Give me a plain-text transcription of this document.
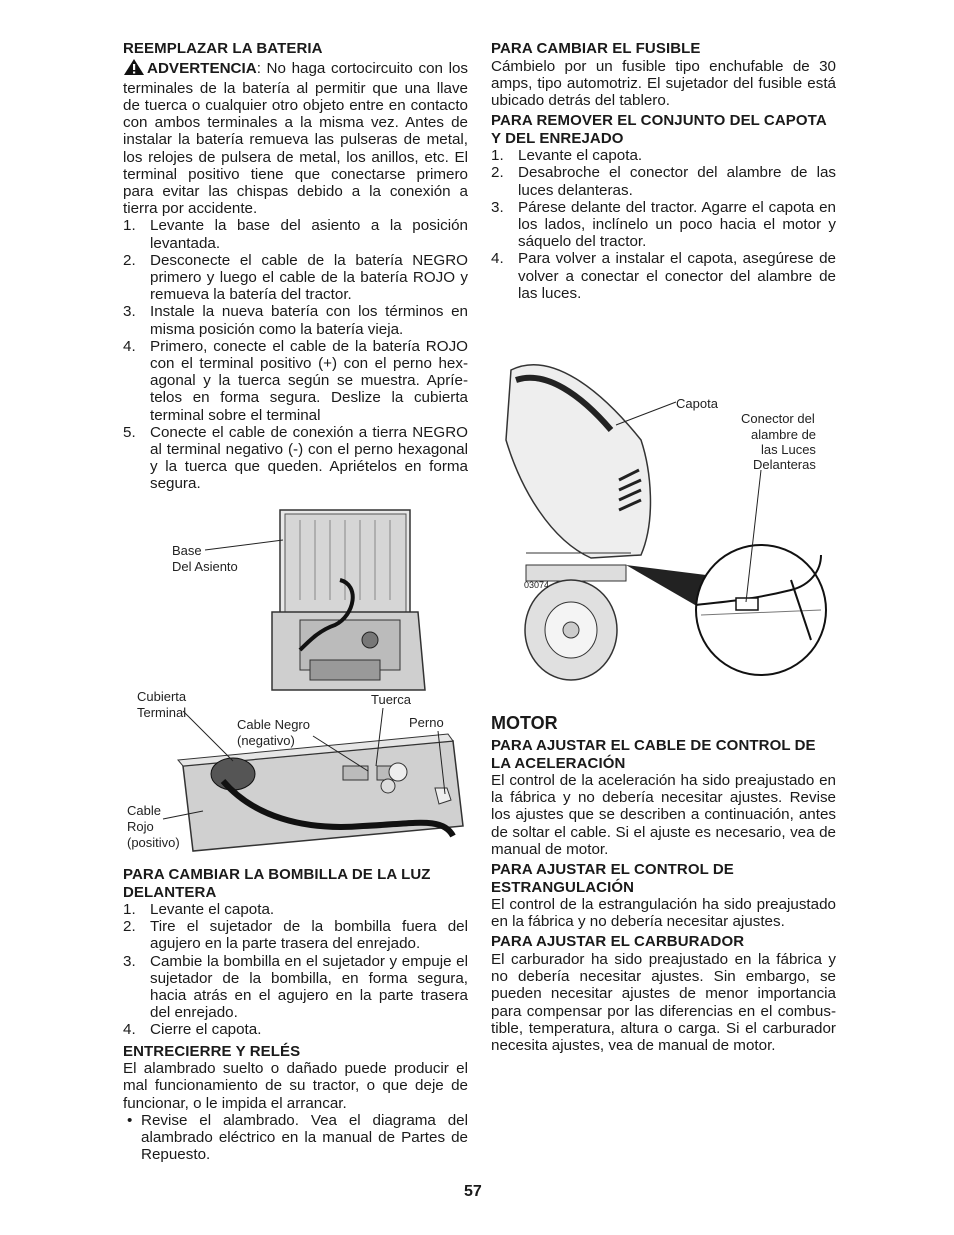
REEMPLAZAR LA BATERIA

ADVERTENCIA: No haga cortocircuito con los terminales de la batería al permitir que una llave de tuerca o cualquier otro objeto entre en contacto con ambos terminales a la misma vez. Antes de instalar la batería remueva las pulseras de metal, los relojes de pulsera de metal, los anillos, etc. El terminal positivo tiene que conectarse primero para evitar las chispas debido a la conexión a tierra por accidente.

1. Levante la base del asiento a la posición levantada.
2. Desconecte el cable de la batería NEGRO primero y luego el cable de la batería ROJO y remueva la batería del tractor.
3. Instale la nueva batería con los términos en misma posición como la batería vieja.
4. Primero, conecte el cable de la batería ROJO con el terminal positivo (+) con el perno hexagonal y la tuerca según se muestra. Apríetelos en forma segura. Deslize la cubierta terminal sobre el terminal
5. Conecte el cable de conexión a tierra NEGRO al terminal negativo (-) con el perno hexagonal y la tuerca que queden. Apriételos en forma segura.
Base
Del Asiento
Cubierta
Terminal
Tuerca
Cable Negro
(negativo)
Perno
Cable
Rojo
(positivo)
PARA CAMBIAR LA BOMBILLA DE LA LUZ
DELANTERA
1. Levante el capota.
2. Tire el sujetador de la bombilla fuera del agujero en la parte trasera del enrejado.
3. Cambie la bombilla en el sujetador y empuje el sujetador de la bombilla, en forma segura, hacia atrás en el agujero en la parte trasera del enrejado.
4. Cierre el capota.
ENTRECIERRE Y RELÉS

El alambrado suelto o dañado puede producir el mal funcionamiento de su tractor, o que deje de funcionar, o le impida el arrancar.

• Revise el alambrado. Vea el diagrama del alambrado eléctrico en la manual de Partes de Repuesto.
PARA CAMBIAR EL FUSIBLE

Cámbielo por un fusible tipo enchufable de 30 amps, tipo automotriz. El sujetador del fusible está ubicado detrás del tablero.

PARA REMOVER EL CONJUNTO DEL CAPOTA
Y DEL ENREJADO
1. Levante el capota.
2. Desabroche el conector del alambre de las luces delanteras.
3. Párese delante del tractor. Agarre el capota en los lados, inclínelo un poco hacia el motor y sáquelo del tractor.
4. Para volver a instalar el capota, asegúrese de volver a conectar el conector del alambre de las luces.
Capota
Conector del
alambre de
las Luces
Delanteras
03074
MOTOR
PARA AJUSTAR EL CABLE DE CONTROL DE
LA ACELERACIÓN

El control de la aceleración ha sido preajustado en la fábrica y no debería necesitar ajustes. Revise los ajustes que se describen a continuación, antes de soltar el cable. Si el ajuste es necesario, vea de manual de motor.

PARA AJUSTAR EL CONTROL DE
ESTRANGULACIÓN

El control de la estrangulación ha sido preajustado en la fábrica y no debería necesitar ajustes.

PARA AJUSTAR EL CARBURADOR

El carburador ha sido preajustado en la fábrica y no debería necesitar ajustes. Sin embargo, se pueden necesitar ajustes de menor importancia para compensar por las diferencias en el combustible, temperatura, altura o carga. Si el carburador necesita ajustes, vea de manual de motor.

57
